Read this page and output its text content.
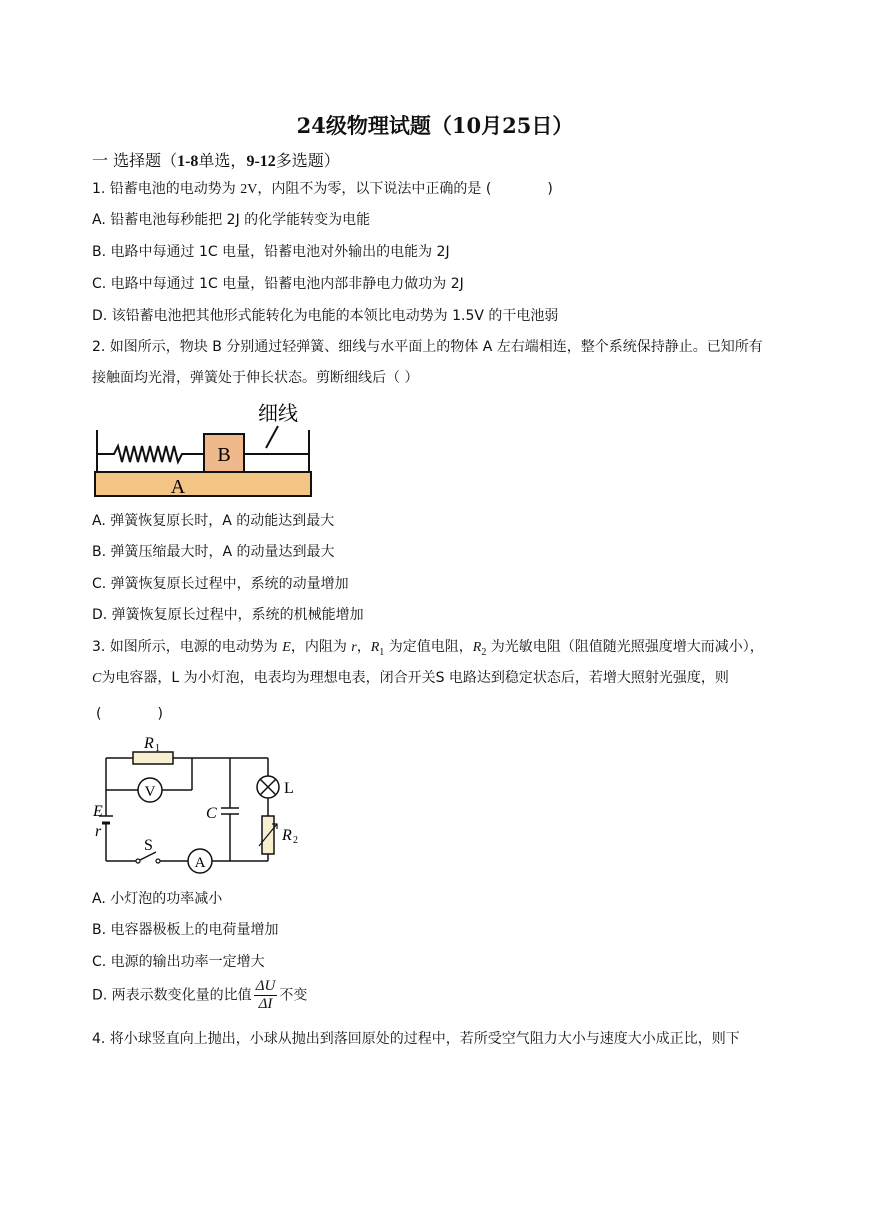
24级物理试题（10月25日）
一 选择题（1-8单选，9-12多选题）
1. 铅蓄电池的电动势为 2V，内阻不为零，以下说法中正确的是 (	)
A. 铅蓄电池每秒能把 2J 的化学能转变为电能
B. 电路中每通过 1C 电量，铅蓄电池对外输出的电能为 2J
C. 电路中每通过 1C 电量，铅蓄电池内部非静电力做功为 2J
D. 该铅蓄电池把其他形式能转化为电能的本领比电动势为 1.5V 的干电池弱
2. 如图所示，物块 B 分别通过轻弹簧、细线与水平面上的物体 A 左右端相连，整个系统保持静止。已知所有
接触面均光滑，弹簧处于伸长状态。剪断细线后（ ）
细线
B
A
A. 弹簧恢复原长时，A 的动能达到最大
B. 弹簧压缩最大时，A 的动量达到最大
C. 弹簧恢复原长过程中，系统的动量增加
D. 弹簧恢复原长过程中，系统的机械能增加
3. 如图所示，电源的电动势为 E，内阻为 r，$R_1$ 为定值电阻，$R_2$ 为光敏电阻（阻值随光照强度增大而减小），
C为电容器，L 为小灯泡，电表均为理想电表，闭合开关S 电路达到稳定状态后，若增大照射光强度，则
(	)
R 1
V
E
r
S
A
C
L
R 2
A. 小灯泡的功率减小
B. 电容器极板上的电荷量增加
C. 电源的输出功率一定增大
D. 两表示数变化量的比值 $\frac{\Delta U}{\Delta I}$ 不变
4. 将小球竖直向上抛出，小球从抛出到落回原处的过程中，若所受空气阻力大小与速度大小成正比，则下
